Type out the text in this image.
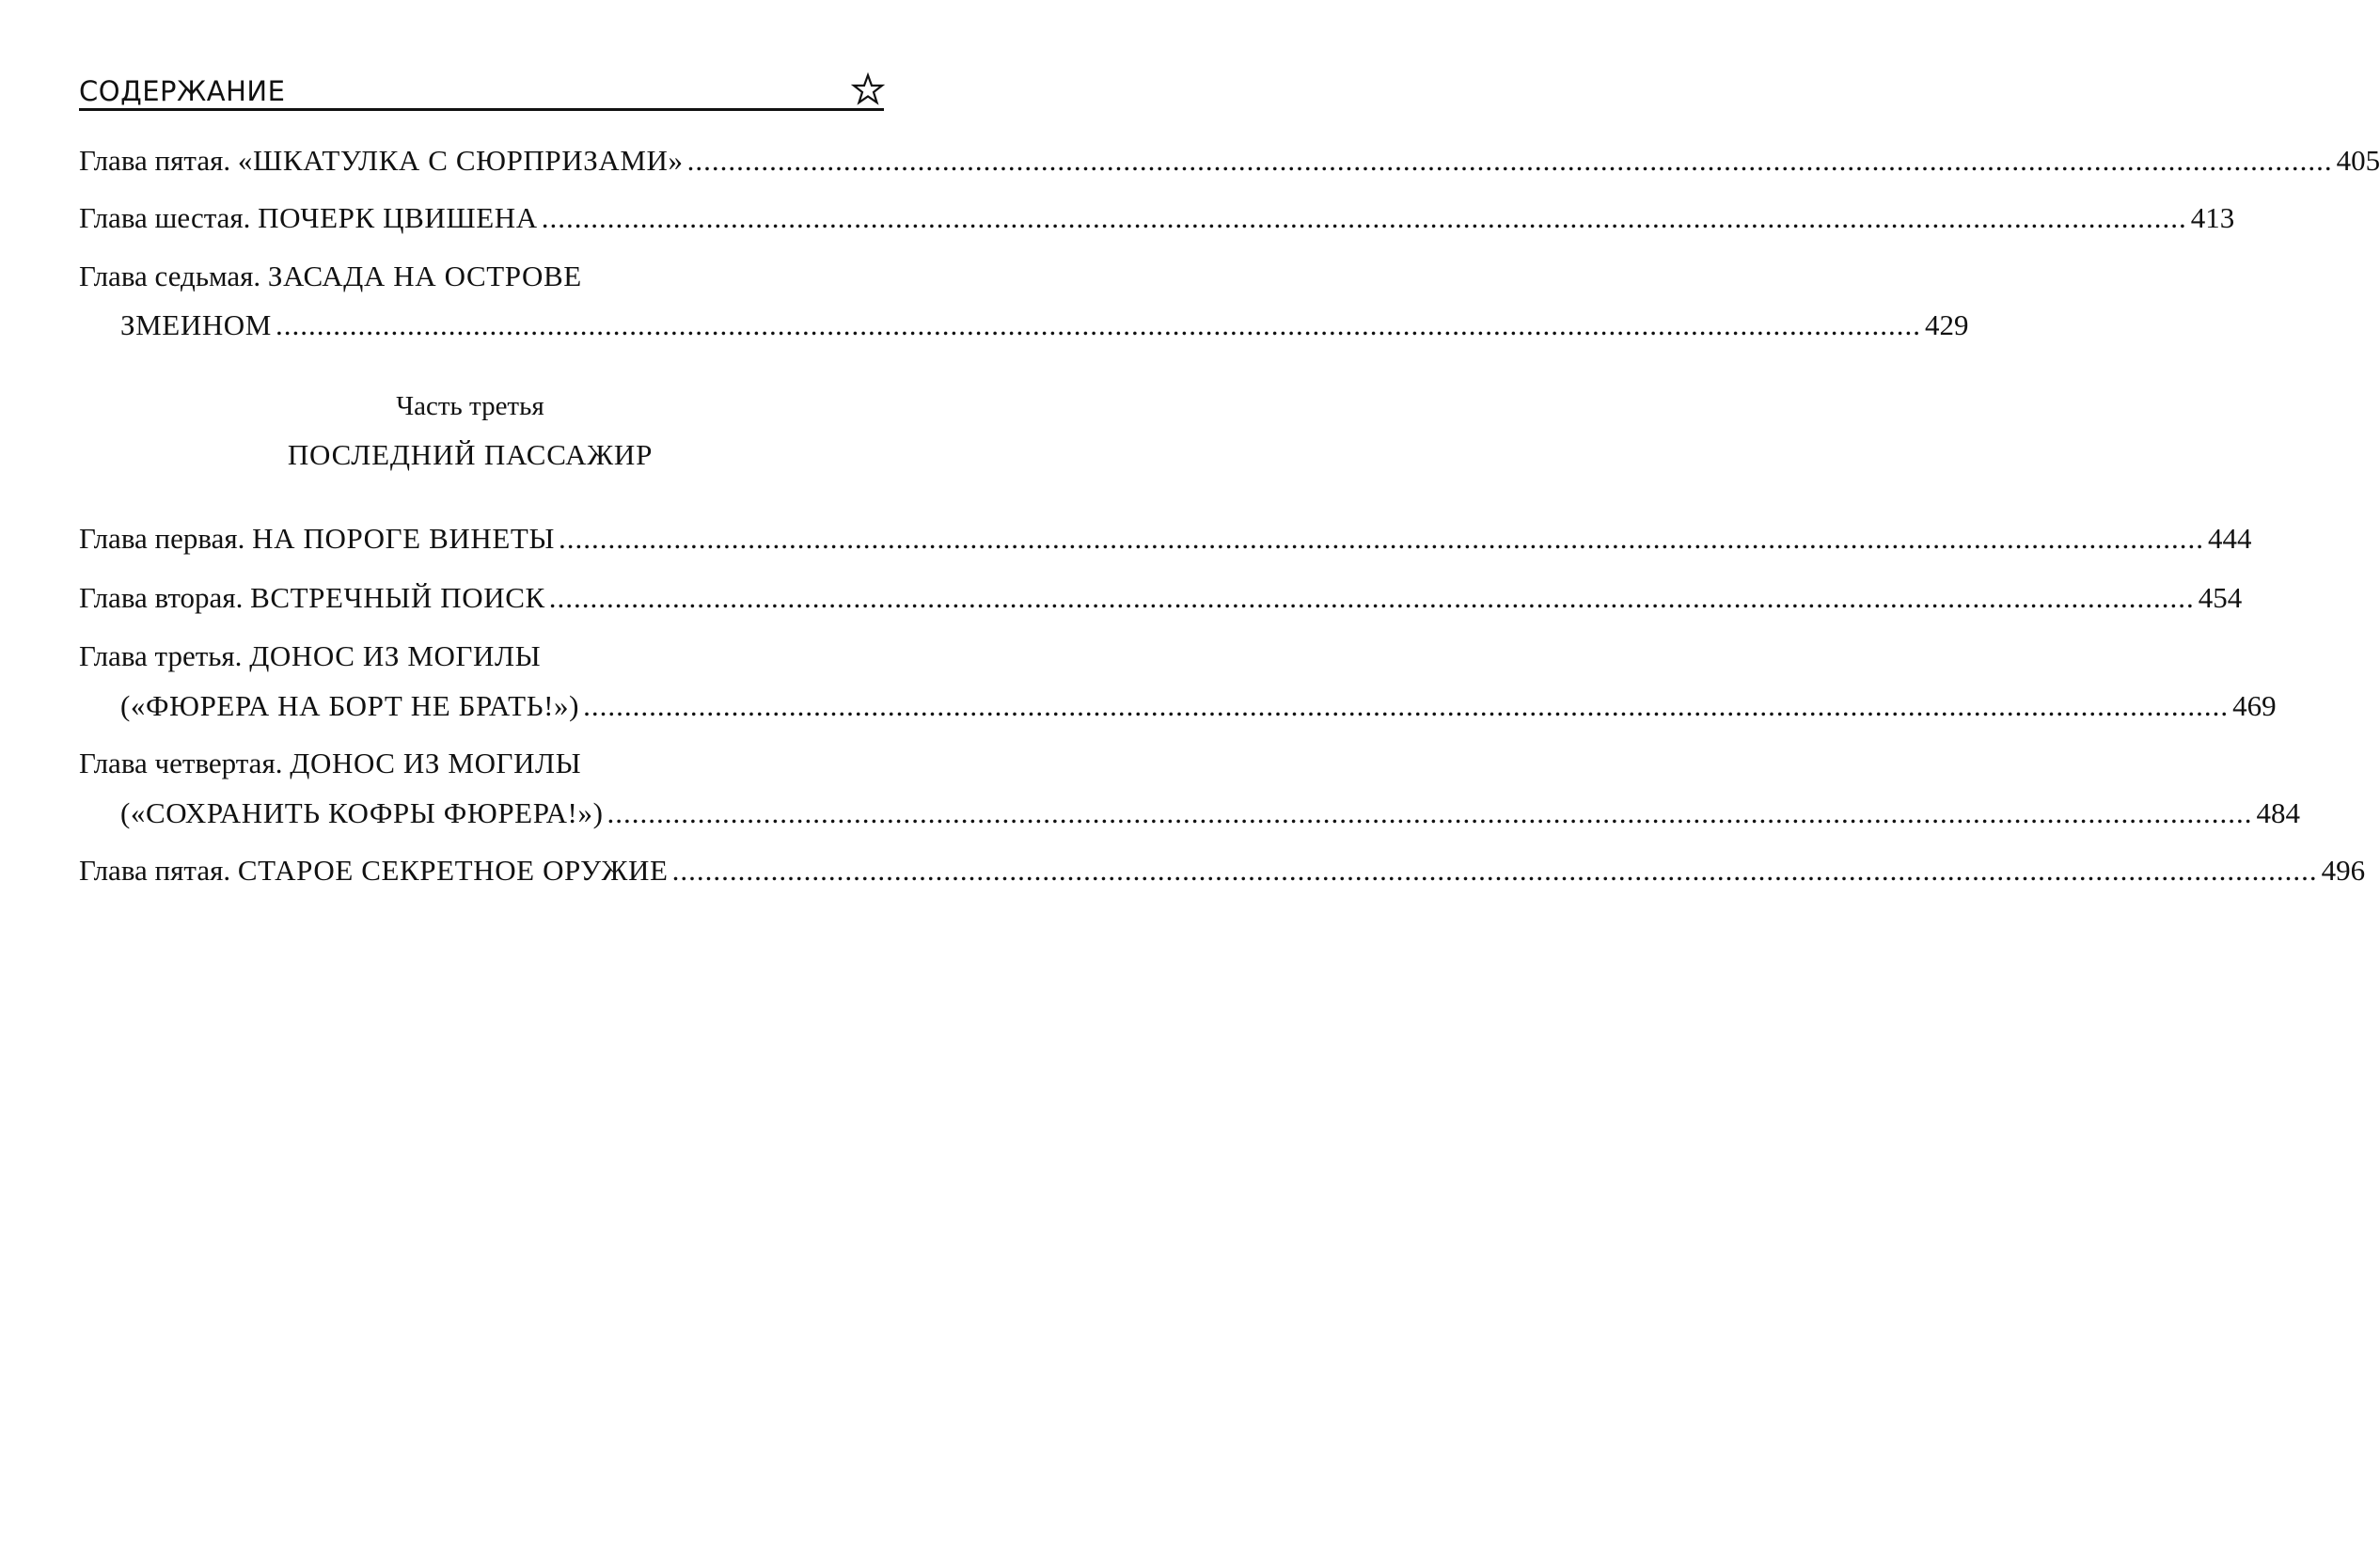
СОДЕРЖАНИЕ
Глава пятая.
«ШКАТУЛКА С СЮРПРИЗАМИ» ........................................................................................................................................................................................................ 405
Глава шестая.
ПОЧЕРК ЦВИШЕНА ........................................................................................................................................................................................................ 413
Глава седьмая.
ЗАСАДА НА ОСТРОВЕ
ЗМЕИНОМ ........................................................................................................................................................................................................ 429
Часть третья
ПОСЛЕДНИЙ ПАССАЖИР
Глава первая.
НА ПОРОГЕ ВИНЕТЫ ........................................................................................................................................................................................................ 444
Глава вторая.
ВСТРЕЧНЫЙ ПОИСК ........................................................................................................................................................................................................ 454
Глава третья.
ДОНОС ИЗ МОГИЛЫ
(«ФЮРЕРА НА БОРТ НЕ БРАТЬ!») ........................................................................................................................................................................................................ 469
Глава четвертая.
ДОНОС ИЗ МОГИЛЫ
(«СОХРАНИТЬ КОФРЫ ФЮРЕРА!») ........................................................................................................................................................................................................ 484
Глава пятая.
СТАРОЕ СЕКРЕТНОЕ ОРУЖИЕ ........................................................................................................................................................................................................ 496
